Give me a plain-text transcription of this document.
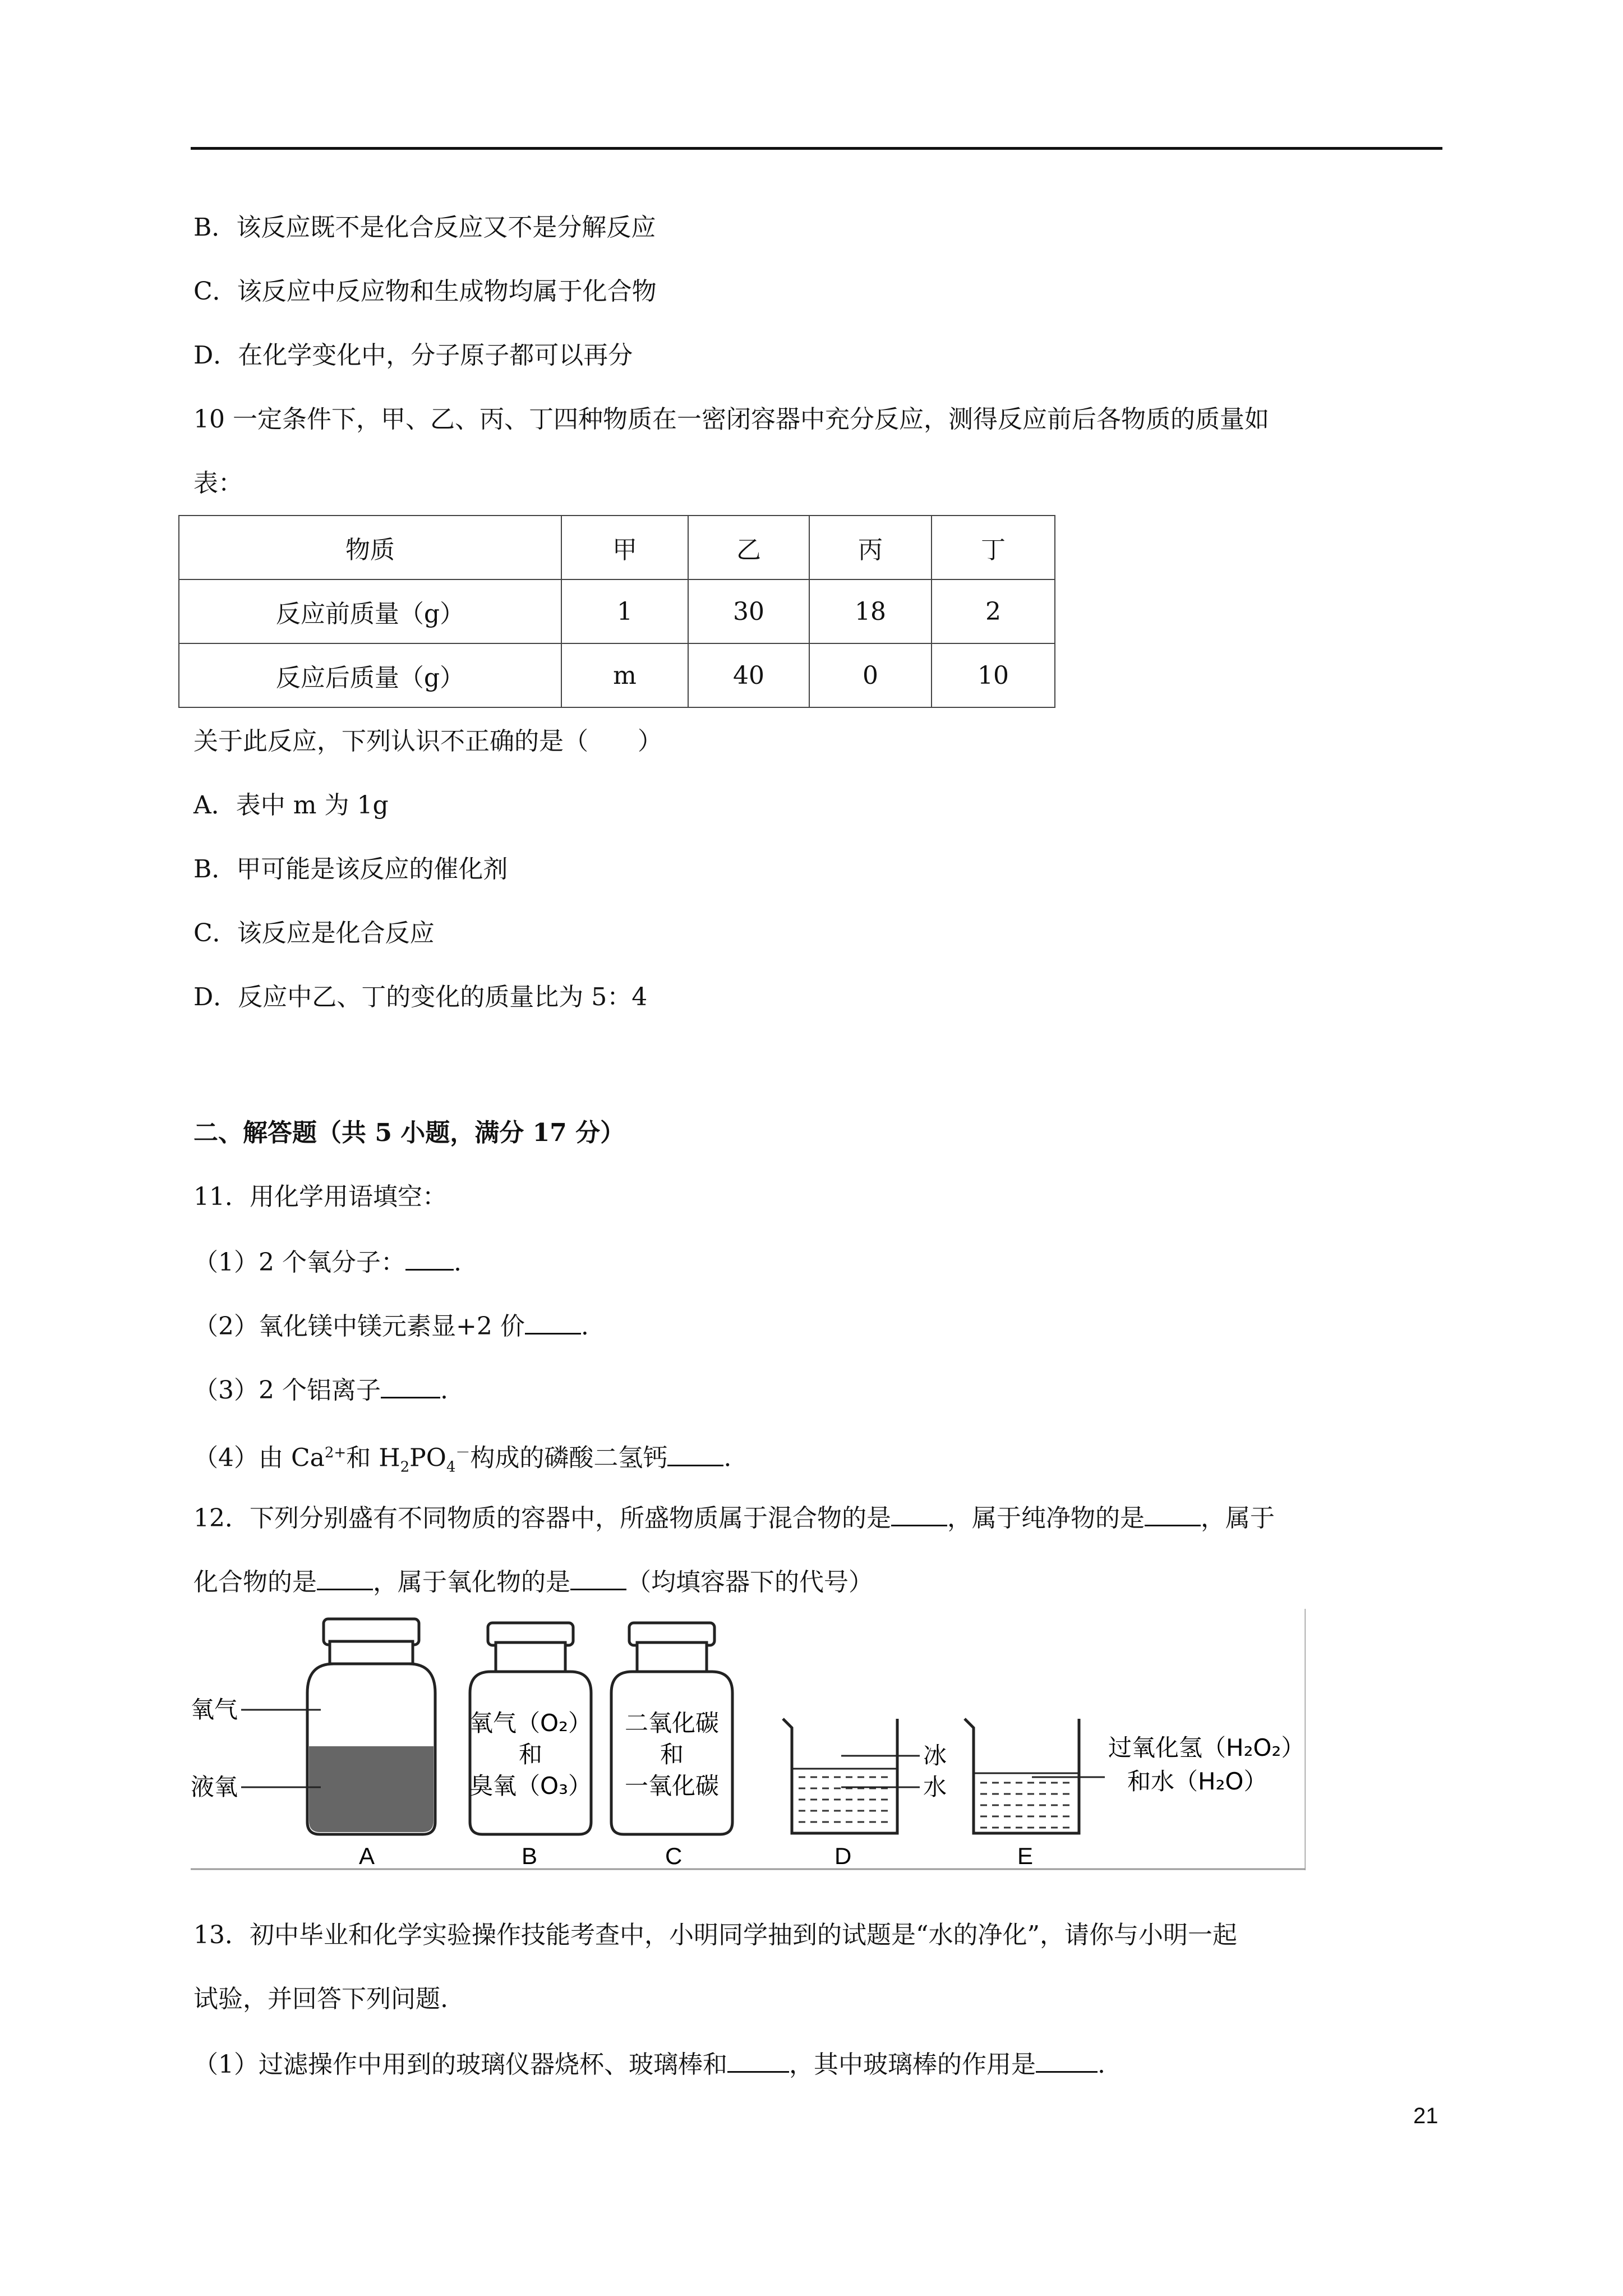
B．该反应既不是化合反应又不是分解反应
C．该反应中反应物和生成物均属于化合物
D．在化学变化中，分子原子都可以再分
10 一定条件下，甲、乙、丙、丁四种物质在一密闭容器中充分反应，测得反应前后各物质的质量如
表：
物质	甲	乙	丙	丁
反应前质量（g）	1	30	18	2
反应后质量（g）	m	40	0	10
关于此反应，下列认识不正确的是（　　）
A．表中 m 为 1g
B．甲可能是该反应的催化剂
C．该反应是化合反应
D．反应中乙、丁的变化的质量比为 5：4
二、解答题（共 5 小题，满分 17 分）
11．用化学用语填空：
（1）2 个氧分子： .
（2）氧化镁中镁元素显+2 价 .
（3）2 个铝离子 .
（4）由 $Ca^{2+}$和 $H_2PO_4^-$构成的磷酸二氢钙 .
12．下列分别盛有不同物质的容器中，所盛物质属于混合物的是 ，属于纯净物的是 ，属于
化合物的是 ，属于氧化物的是 （均填容器下的代号）
氧气
液氧
A
氧气（O₂）
和
臭氧（O₃）
B
二氧化碳
和
一氧化碳
C
冰
水
D
过氧化氢（H₂O₂）
和水（H₂O）
E
13．初中毕业和化学实验操作技能考查中，小明同学抽到的试题是“水的净化”，请你与小明一起
试验，并回答下列问题.
（1）过滤操作中用到的玻璃仪器烧杯、玻璃棒和	，其中玻璃棒的作用是	.
21
